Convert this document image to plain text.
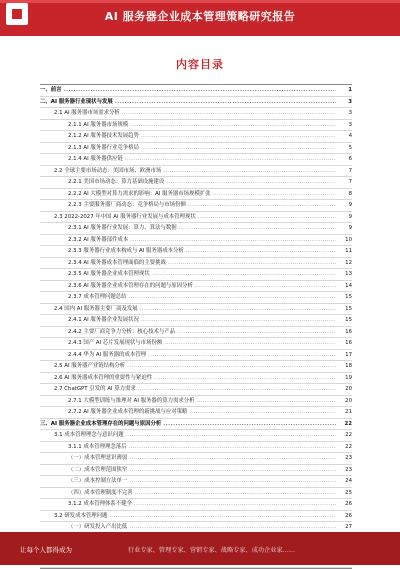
AI 服务器企业成本管理策略研究报告
内容目录
一、前言 .....	1
二、AI 服务器行业现状与发展 .....	3
2.1 AI 服务器市场需求分析 .....	3
2.1.1 AI 服务器市场规模 .....	3
2.1.2 AI 服务器技术发展趋势 .....	4
2.1.3 AI 服务器行业竞争格局 .....	5
2.1.4 AI 服务器供应链 .....	6
2.2 全球主要市场动态：美国市场、欧洲市场 .....	7
2.2.1 美国市场动态：算力基础设施建设 .....	7
2.2.2 AI 大模型对算力需求的影响：AI 服务器市场规模扩张 .....	8
2.2.3 主要服务器厂商动态：竞争格局与市场份额 .....	9
2.3 2022-2027 年中国 AI 服务器行业发展与成本管理现状 .....	9
2.3.1 AI 服务器行业发展：算力、算法与数据 .....	9
2.3.2 AI 服务器部件成本 .....	10
2.3.3 服务器行业成本构成与 AI 服务器成本分析 .....	11
2.3.4 AI 服务器成本管理面临的主要挑战 .....	12
2.3.5 AI 服务器企业成本管理现状 .....	13
2.3.6 AI 服务器企业成本管理存在的问题与原因分析 .....	14
2.3.7 成本管理问题总结 .....	15
2.4 国内 AI 服务器主要厂商及发展 .....	15
2.4.1 AI 服务器企业发展状况 .....	15
2.4.2 主要厂商竞争力分析：核心技术与产品 .....	16
2.4.3 国产 AI 芯片发展现状与市场份额 .....	16
2.4.4 华为 AI 服务器的成本管理 .....	17
2.5 AI 服务器产业链结构分析 .....	18
2.6 AI 服务器成本管理的重要性与紧迫性 .....	19
2.7 ChatGPT 引发的 AI 算力需求 .....	20
2.7.1 大模型训练与推理对 AI 服务器的算力需求分析 .....	20
2.7.2 AI 服务器企业成本管理的新挑战与应对策略 .....	21
三、AI 服务器企业成本管理存在的问题与原因分析 .....	22
3.1 成本管理理念与意识问题 .....	22
3.1.1 成本管理理念落后 .....	22
（一）成本管理意识薄弱 .....	23
（二）成本管理范围狭窄 .....	23
（三）成本控制方法单一 .....	24
（四）成本管理制度不完善 .....	25
3.1.2 成本管理体系不健全 .....	26
3.2 研发成本管理问题 .....	26
（一）研发投入产出比低 .....	27
.....
.....
.....
让每个人都得成为	行业专家、管理专家、营销专家、战略专家、成功企业家……
